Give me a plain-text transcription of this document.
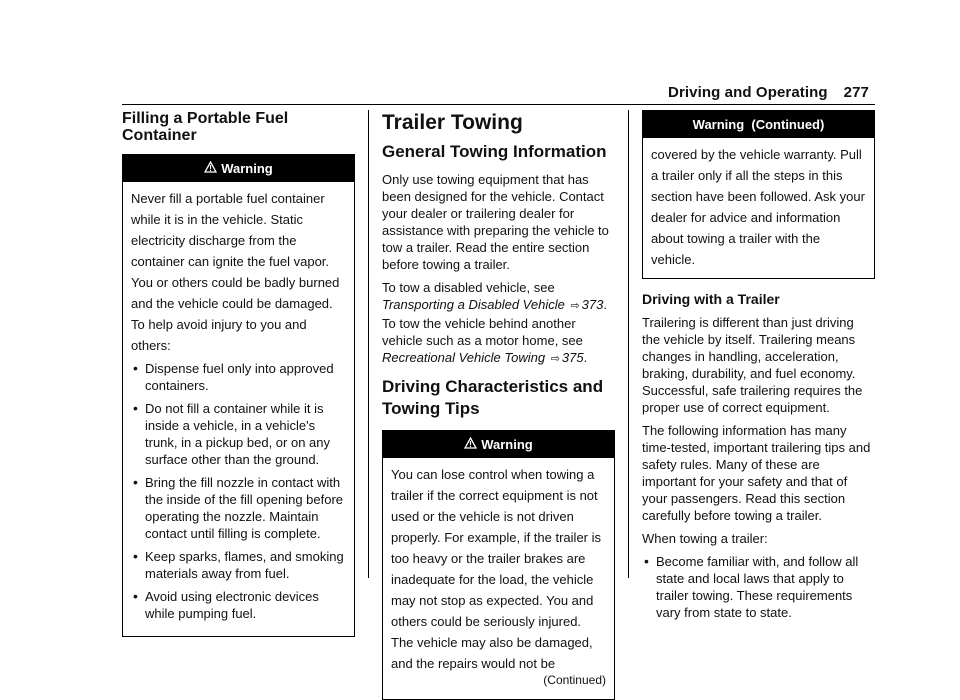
Driving and Operating 277
Filling a Portable Fuel Container
Warning

Never fill a portable fuel container while it is in the vehicle. Static electricity discharge from the container can ignite the fuel vapor. You or others could be badly burned and the vehicle could be damaged. To help avoid injury to you and others:

• Dispense fuel only into approved containers.
• Do not fill a container while it is inside a vehicle, in a vehicle's trunk, in a pickup bed, or on any surface other than the ground.
• Bring the fill nozzle in contact with the inside of the fill opening before operating the nozzle. Maintain contact until filling is complete.
• Keep sparks, flames, and smoking materials away from fuel.
• Avoid using electronic devices while pumping fuel.
Trailer Towing
General Towing Information

Only use towing equipment that has been designed for the vehicle. Contact your dealer or trailering dealer for assistance with preparing the vehicle to tow a trailer. Read the entire section before towing a trailer.

To tow a disabled vehicle, see Transporting a Disabled Vehicle ⇨ 373. To tow the vehicle behind another vehicle such as a motor home, see Recreational Vehicle Towing ⇨ 375.

Driving Characteristics and Towing Tips
Warning

You can lose control when towing a trailer if the correct equipment is not used or the vehicle is not driven properly. For example, if the trailer is too heavy or the trailer brakes are inadequate for the load, the vehicle may not stop as expected. You and others could be seriously injured. The vehicle may also be damaged, and the repairs would not be

(Continued)
Warning  (Continued)

covered by the vehicle warranty. Pull a trailer only if all the steps in this section have been followed. Ask your dealer for advice and information about towing a trailer with the vehicle.

Driving with a Trailer

Trailering is different than just driving the vehicle by itself. Trailering means changes in handling, acceleration, braking, durability, and fuel economy. Successful, safe trailering requires the proper use of correct equipment.

The following information has many time-tested, important trailering tips and safety rules. Many of these are important for your safety and that of your passengers. Read this section carefully before towing a trailer.

When towing a trailer:

• Become familiar with, and follow all state and local laws that apply to trailer towing. These requirements vary from state to state.
